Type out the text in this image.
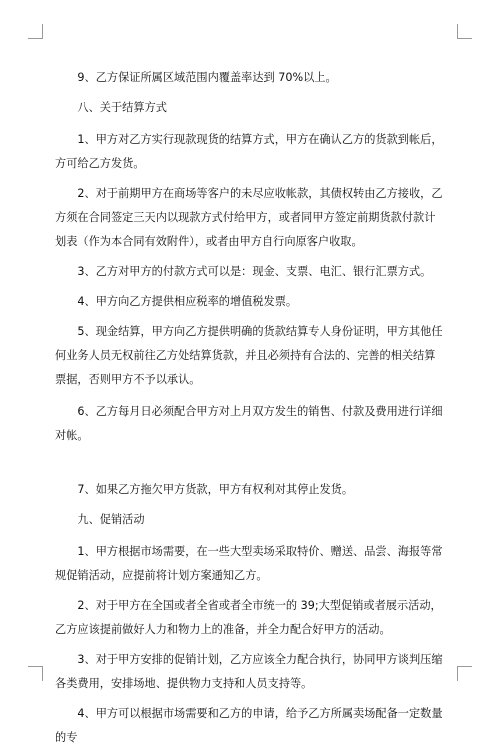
9、乙方保证所属区域范围内覆盖率达到 70%以上。

八、关于结算方式

1、甲方对乙方实行现款现货的结算方式，甲方在确认乙方的货款到帐后，方可给乙方发货。

2、对于前期甲方在商场等客户的未尽应收帐款，其债权转由乙方接收，乙方须在合同签定三天内以现款方式付给甲方，或者同甲方签定前期货款付款计划表（作为本合同有效附件），或者由甲方自行向原客户收取。

3、乙方对甲方的付款方式可以是：现金、支票、电汇、银行汇票方式。

4、甲方向乙方提供相应税率的增值税发票。

5、现金结算，甲方向乙方提供明确的货款结算专人身份证明，甲方其他任何业务人员无权前往乙方处结算货款，并且必须持有合法的、完善的相关结算票据，否则甲方不予以承认。

6、乙方每月日必须配合甲方对上月双方发生的销售、付款及费用进行详细对帐。

7、如果乙方拖欠甲方货款，甲方有权利对其停止发货。

九、促销活动

1、甲方根据市场需要，在一些大型卖场采取特价、赠送、品尝、海报等常规促销活动，应提前将计划方案通知乙方。

2、对于甲方在全国或者全省或者全市统一的 39;大型促销或者展示活动，乙方应该提前做好人力和物力上的准备，并全力配合好甲方的活动。

3、对于甲方安排的促销计划，乙方应该全力配合执行，协同甲方谈判压缩各类费用，安排场地、提供物力支持和人员支持等。

4、甲方可以根据市场需要和乙方的申请，给予乙方所属卖场配备一定数量的专
